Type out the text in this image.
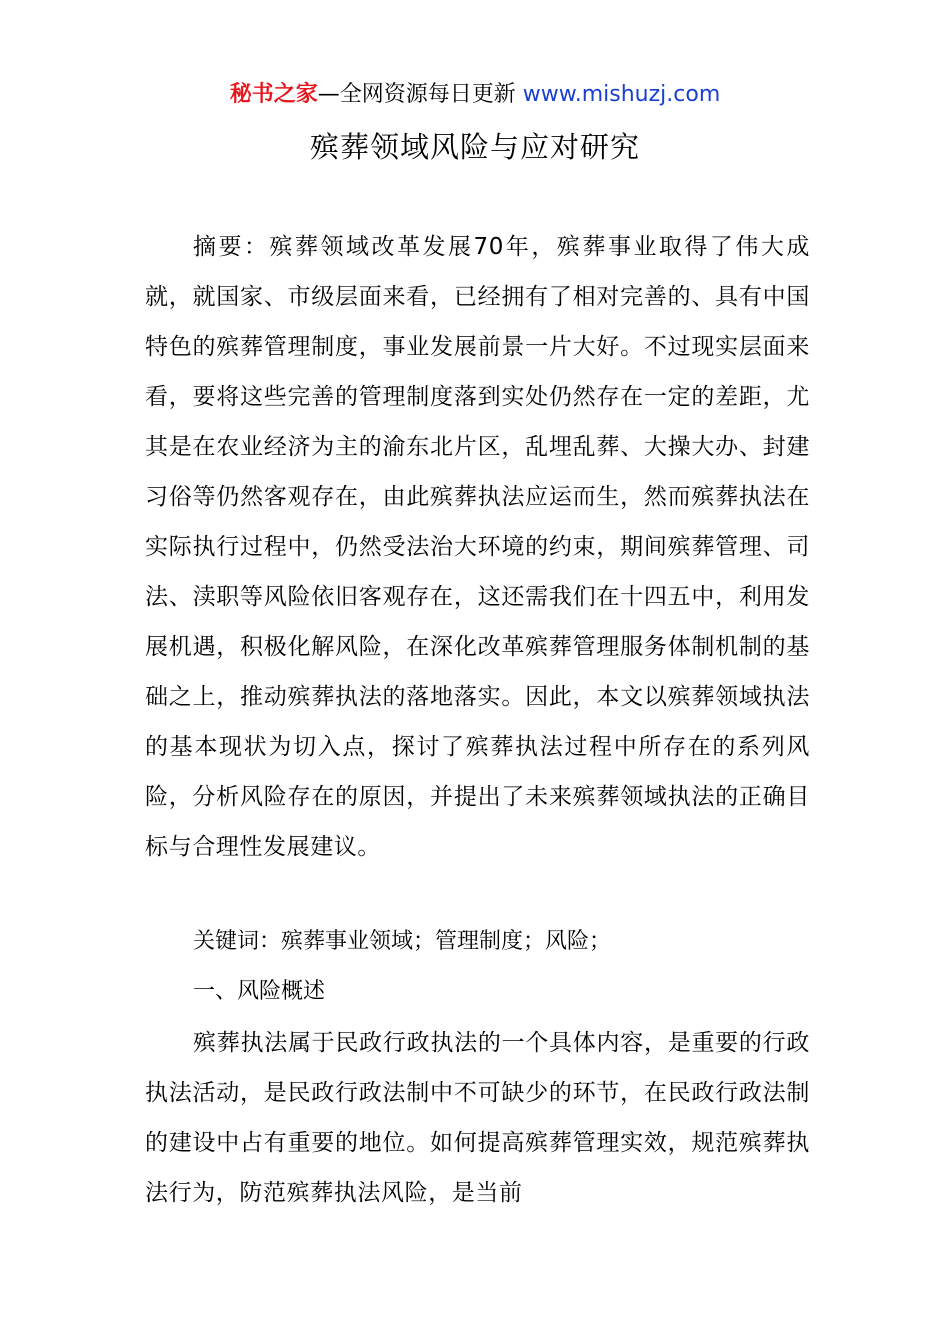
秘书之家—全网资源每日更新 www.mishuzj.com
殡葬领域风险与应对研究

摘要：殡葬领域改革发展70年，殡葬事业取得了伟大成就，就国家、市级层面来看，已经拥有了相对完善的、具有中国特色的殡葬管理制度，事业发展前景一片大好。不过现实层面来看，要将这些完善的管理制度落到实处仍然存在一定的差距，尤其是在农业经济为主的渝东北片区，乱埋乱葬、大操大办、封建习俗等仍然客观存在，由此殡葬执法应运而生，然而殡葬执法在实际执行过程中，仍然受法治大环境的约束，期间殡葬管理、司法、渎职等风险依旧客观存在，这还需我们在十四五中，利用发展机遇，积极化解风险，在深化改革殡葬管理服务体制机制的基础之上，推动殡葬执法的落地落实。因此，本文以殡葬领域执法的基本现状为切入点，探讨了殡葬执法过程中所存在的系列风险，分析风险存在的原因，并提出了未来殡葬领域执法的正确目标与合理性发展建议。

关键词：殡葬事业领域；管理制度；风险；
一、风险概述

殡葬执法属于民政行政执法的一个具体内容，是重要的行政执法活动，是民政行政法制中不可缺少的环节，在民政行政法制的建设中占有重要的地位。如何提高殡葬管理实效，规范殡葬执法行为，防范殡葬执法风险，是当前
